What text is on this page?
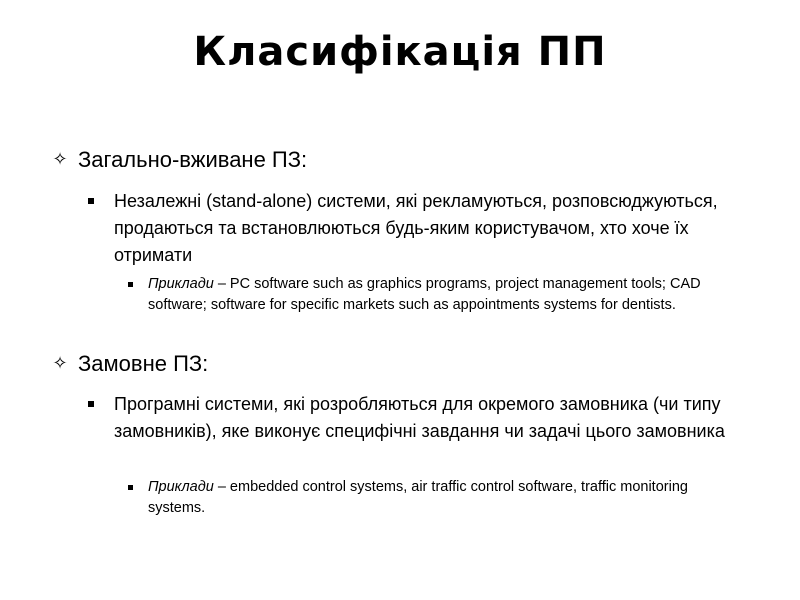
Класифікація ПП
✧ Загально-вживане ПЗ:
Незалежні (stand-alone) системи, які рекламуються, розповсюджуються, продаються та встановлюються будь-яким користувачом, хто хоче їх отримати
Приклади – PC software such as graphics programs, project management tools; CAD software; software for specific markets such as appointments systems for dentists.
✧ Замовне ПЗ:
Програмні системи, які розробляються для окремого замовника (чи типу замовників), яке виконує специфічні завдання чи задачі цього замовника
Приклади – embedded control systems, air traffic control software, traffic monitoring systems.
